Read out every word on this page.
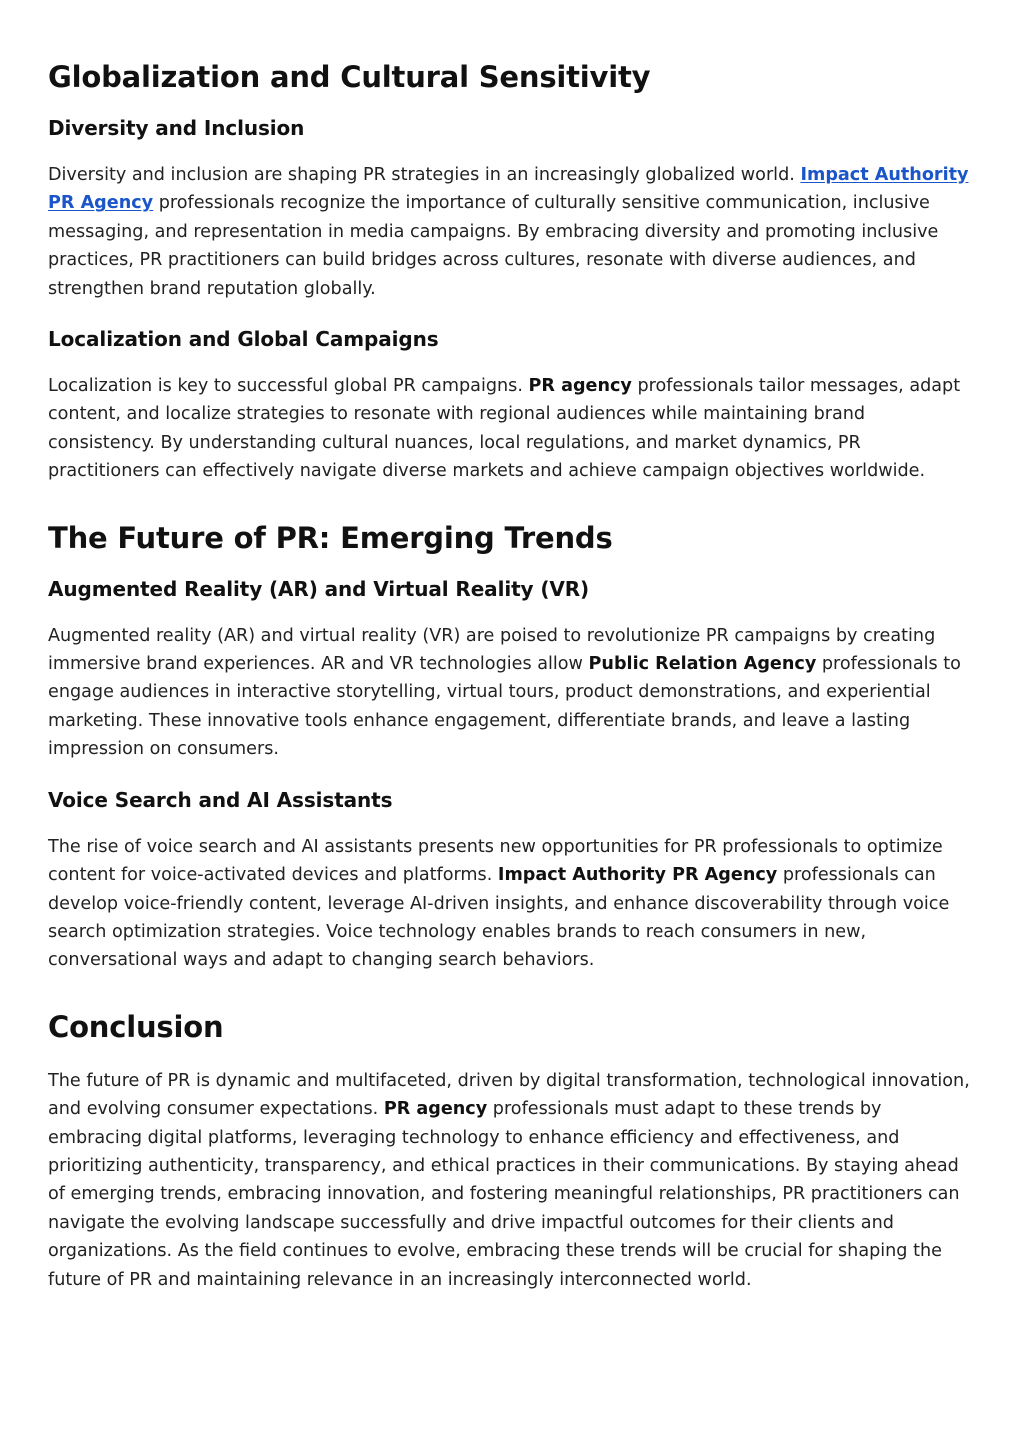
Globalization and Cultural Sensitivity
Diversity and Inclusion

Diversity and inclusion are shaping PR strategies in an increasingly globalized world. Impact Authority PR Agency professionals recognize the importance of culturally sensitive communication, inclusive messaging, and representation in media campaigns. By embracing diversity and promoting inclusive practices, PR practitioners can build bridges across cultures, resonate with diverse audiences, and strengthen brand reputation globally.

Localization and Global Campaigns

Localization is key to successful global PR campaigns. PR agency professionals tailor messages, adapt content, and localize strategies to resonate with regional audiences while maintaining brand consistency. By understanding cultural nuances, local regulations, and market dynamics, PR practitioners can effectively navigate diverse markets and achieve campaign objectives worldwide.

The Future of PR: Emerging Trends
Augmented Reality (AR) and Virtual Reality (VR)

Augmented reality (AR) and virtual reality (VR) are poised to revolutionize PR campaigns by creating immersive brand experiences. AR and VR technologies allow Public Relation Agency professionals to engage audiences in interactive storytelling, virtual tours, product demonstrations, and experiential marketing. These innovative tools enhance engagement, differentiate brands, and leave a lasting impression on consumers.

Voice Search and AI Assistants

The rise of voice search and AI assistants presents new opportunities for PR professionals to optimize content for voice-activated devices and platforms. Impact Authority PR Agency professionals can develop voice-friendly content, leverage AI-driven insights, and enhance discoverability through voice search optimization strategies. Voice technology enables brands to reach consumers in new, conversational ways and adapt to changing search behaviors.

Conclusion

The future of PR is dynamic and multifaceted, driven by digital transformation, technological innovation, and evolving consumer expectations. PR agency professionals must adapt to these trends by embracing digital platforms, leveraging technology to enhance efficiency and effectiveness, and prioritizing authenticity, transparency, and ethical practices in their communications. By staying ahead of emerging trends, embracing innovation, and fostering meaningful relationships, PR practitioners can navigate the evolving landscape successfully and drive impactful outcomes for their clients and organizations. As the field continues to evolve, embracing these trends will be crucial for shaping the future of PR and maintaining relevance in an increasingly interconnected world.
